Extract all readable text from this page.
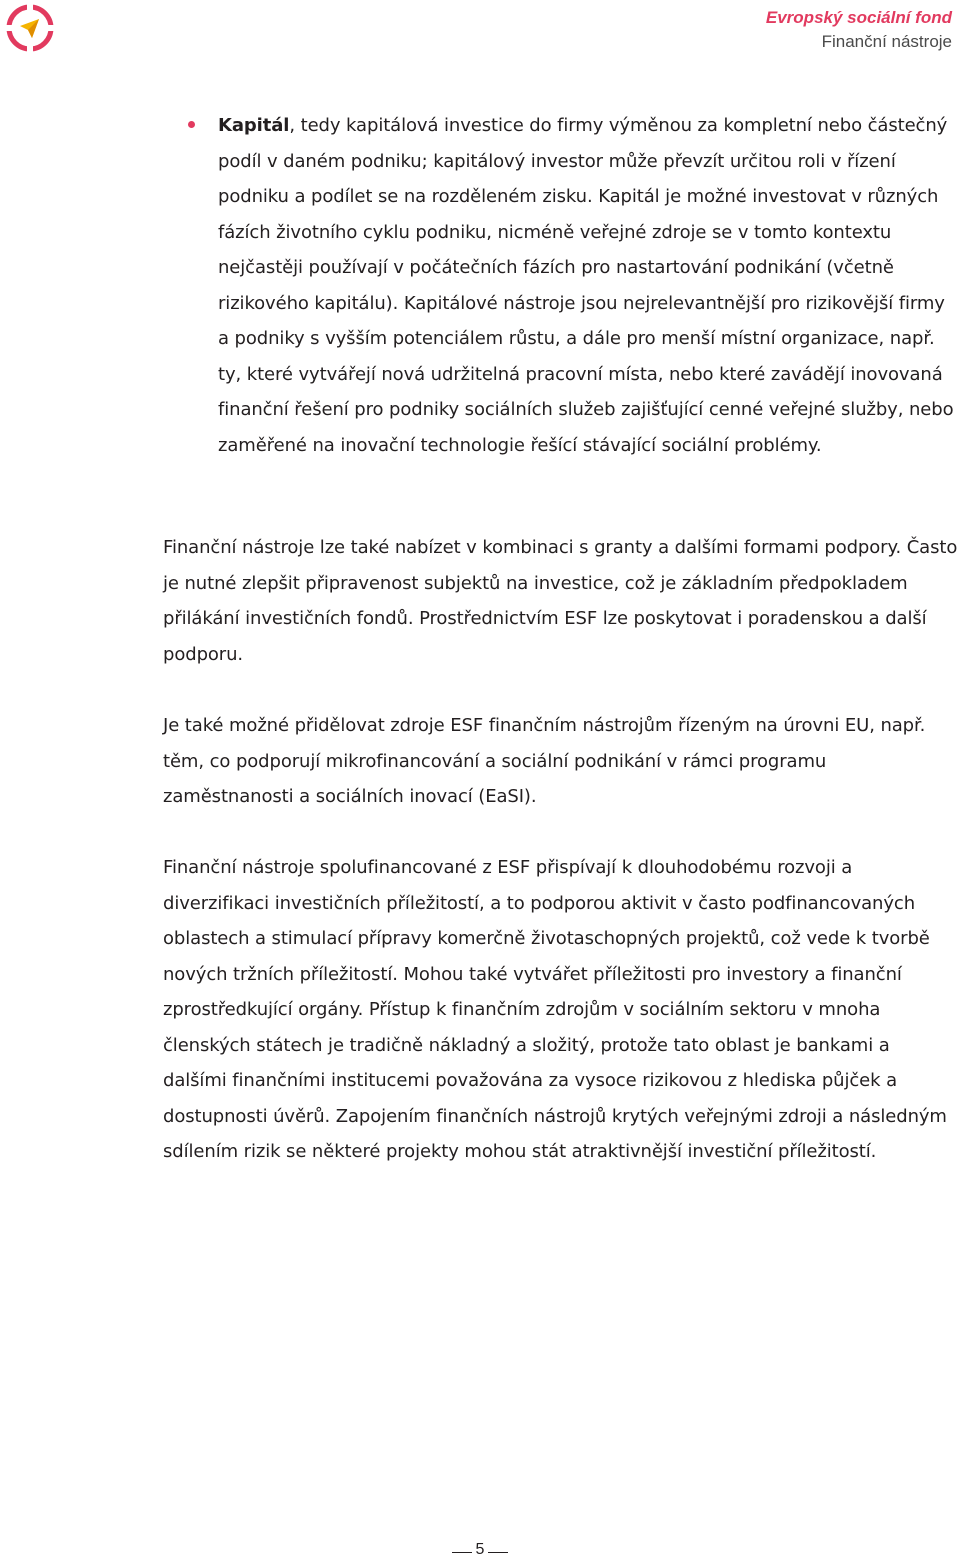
Evropský sociální fond
Finanční nástroje
Kapitál, tedy kapitálová investice do firmy výměnou za kompletní nebo částečný podíl v daném podniku; kapitálový investor může převzít určitou roli v řízení podniku a podílet se na rozděleném zisku. Kapitál je možné investovat v různých fázích životního cyklu podniku, nicméně veřejné zdroje se v tomto kontextu nejčastěji používají v počátečních fázích pro nastartování podnikání (včetně rizikového kapitálu). Kapitálové nástroje jsou nejrelevantnější pro rizikovější firmy a podniky s vyšším potenciálem růstu, a dále pro menší místní organizace, např. ty, které vytvářejí nová udržitelná pracovní místa, nebo které zavádějí inovovaná finanční řešení pro podniky sociálních služeb zajišťující cenné veřejné služby, nebo zaměřené na inovační technologie řešící stávající sociální problémy.

Finanční nástroje lze také nabízet v kombinaci s granty a dalšími formami podpory. Často je nutné zlepšit připravenost subjektů na investice, což je základním předpokladem přilákání investičních fondů. Prostřednictvím ESF lze poskytovat i poradenskou a další podporu.

Je také možné přidělovat zdroje ESF finančním nástrojům řízeným na úrovni EU, např. těm, co podporují mikrofinancování a sociální podnikání v rámci programu zaměstnanosti a sociálních inovací (EaSI).

Finanční nástroje spolufinancované z ESF přispívají k dlouhodobému rozvoji a diverzifikaci investičních příležitostí, a to podporou aktivit v často podfinancovaných oblastech a stimulací přípravy komerčně životaschopných projektů, což vede k tvorbě nových tržních příležitostí. Mohou také vytvářet příležitosti pro investory a finanční zprostředkující orgány. Přístup k finančním zdrojům v sociálním sektoru v mnoha členských státech je tradičně nákladný a složitý, protože tato oblast je bankami a dalšími finančními institucemi považována za vysoce rizikovou z hlediska půjček a dostupnosti úvěrů. Zapojením finančních nástrojů krytých veřejnými zdroji a následným sdílením rizik se některé projekty mohou stát atraktivnější investiční příležitostí.

5
